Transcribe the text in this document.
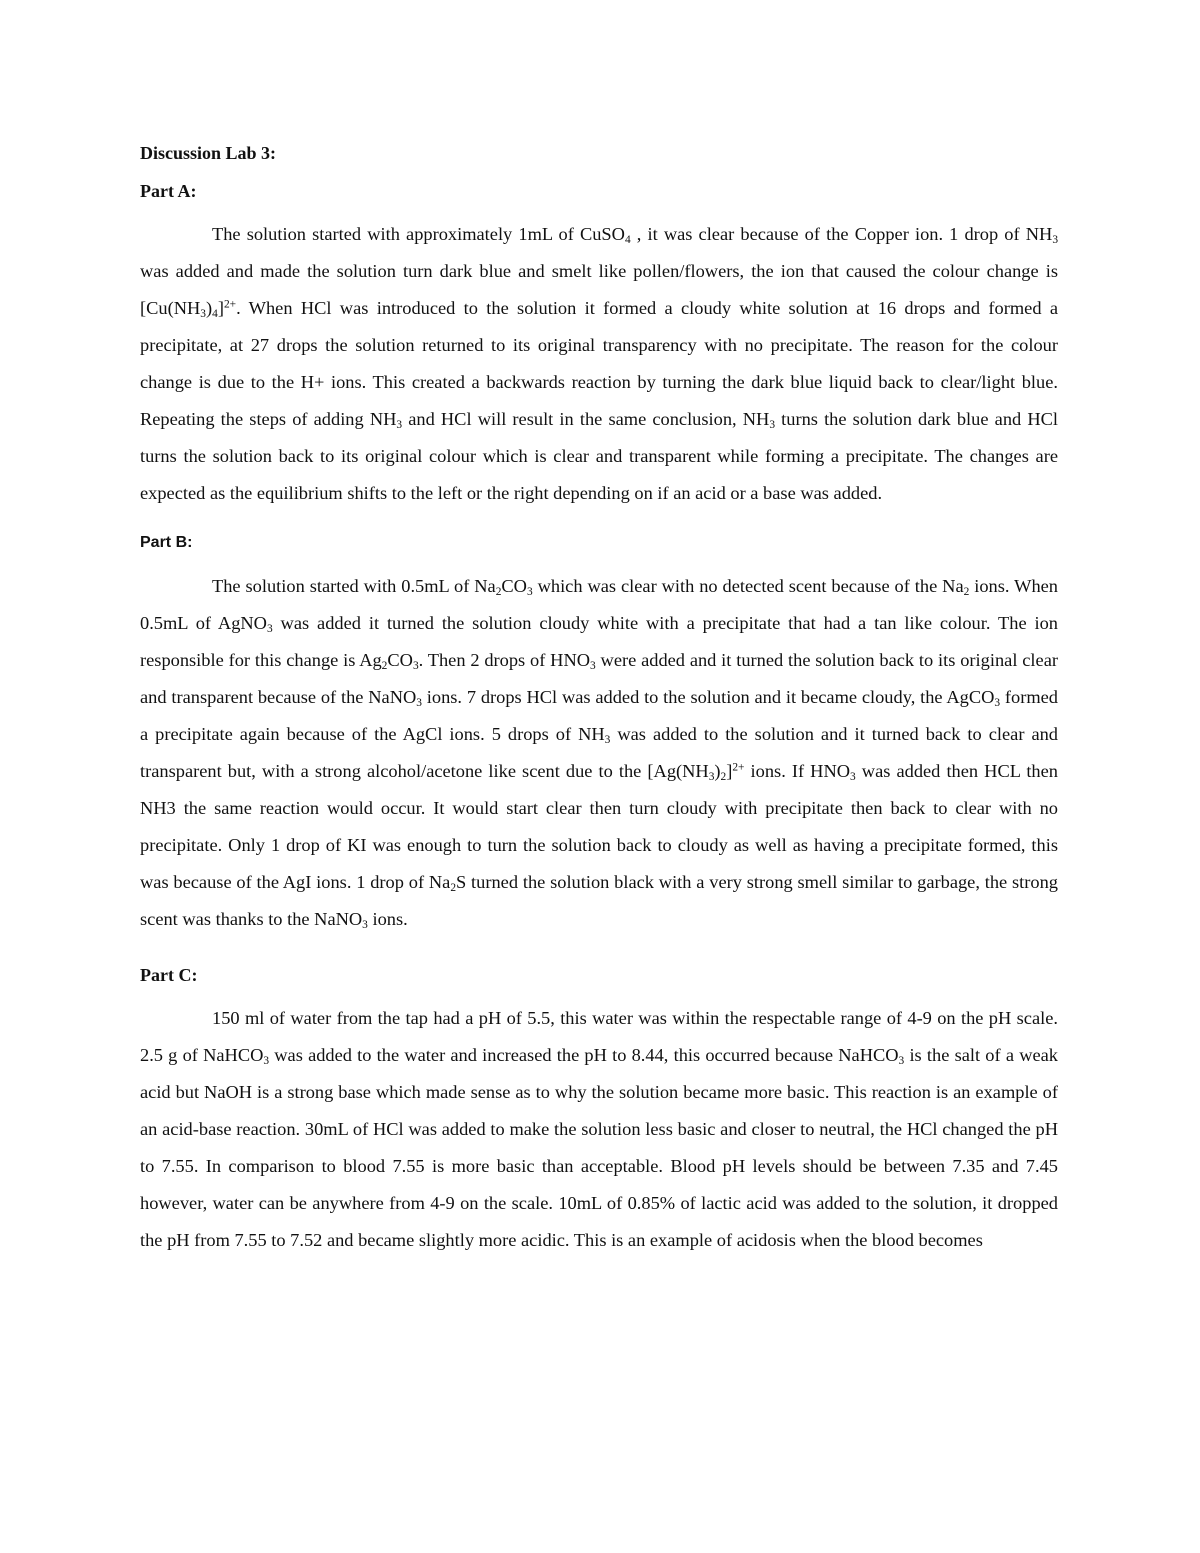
Discussion Lab 3:
Part A:

The solution started with approximately 1mL of CuSO$_4$ , it was clear because of the Copper ion. 1 drop of $NH_3$ was added and made the solution turn dark blue and smelt like pollen/flowers, the ion that caused the colour change is $[Cu(NH_3)_4]^{2+}$. When HCl was introduced to the solution it formed a cloudy white solution at 16 drops and formed a precipitate, at 27 drops the solution returned to its original transparency with no precipitate. The reason for the colour change is due to the H+ ions. This created a backwards reaction by turning the dark blue liquid back to clear/light blue. Repeating the steps of adding $NH_3$ and HCl will result in the same conclusion, $NH_3$ turns the solution dark blue and HCl turns the solution back to its original colour which is clear and transparent while forming a precipitate. The changes are expected as the equilibrium shifts to the left or the right depending on if an acid or a base was added.

Part B:

The solution started with 0.5mL of $Na_2CO_3$ which was clear with no detected scent because of the $Na_2$ ions. When 0.5mL of AgNO$_3$ was added it turned the solution cloudy white with a precipitate that had a tan like colour. The ion responsible for this change is $Ag_2CO_3$. Then 2 drops of $HNO_3$ were added and it turned the solution back to its original clear and transparent because of the NaNO$_3$ ions. 7 drops HCl was added to the solution and it became cloudy, the AgCO$_3$ formed a precipitate again because of the AgCl ions. 5 drops of $NH_3$ was added to the solution and it turned back to clear and transparent but, with a strong alcohol/acetone like scent due to the $[Ag(NH_3)_2]^{2+}$ ions. If $HNO_3$ was added then HCL then NH3 the same reaction would occur. It would start clear then turn cloudy with precipitate then back to clear with no precipitate. Only 1 drop of KI was enough to turn the solution back to cloudy as well as having a precipitate formed, this was because of the AgI ions. 1 drop of $Na_2S$ turned the solution black with a very strong smell similar to garbage, the strong scent was thanks to the NaNO$_3$ ions.

Part C:

150 ml of water from the tap had a pH of 5.5, this water was within the respectable range of 4-9 on the pH scale. 2.5 g of NaHCO$_3$ was added to the water and increased the pH to 8.44, this occurred because NaHCO$_3$ is the salt of a weak acid but NaOH is a strong base which made sense as to why the solution became more basic. This reaction is an example of an acid-base reaction. 30mL of HCl was added to make the solution less basic and closer to neutral, the HCl changed the pH to 7.55. In comparison to blood 7.55 is more basic than acceptable. Blood pH levels should be between 7.35 and 7.45 however, water can be anywhere from 4-9 on the scale. 10mL of 0.85% of lactic acid was added to the solution, it dropped the pH from 7.55 to 7.52 and became slightly more acidic. This is an example of acidosis when the blood becomes
